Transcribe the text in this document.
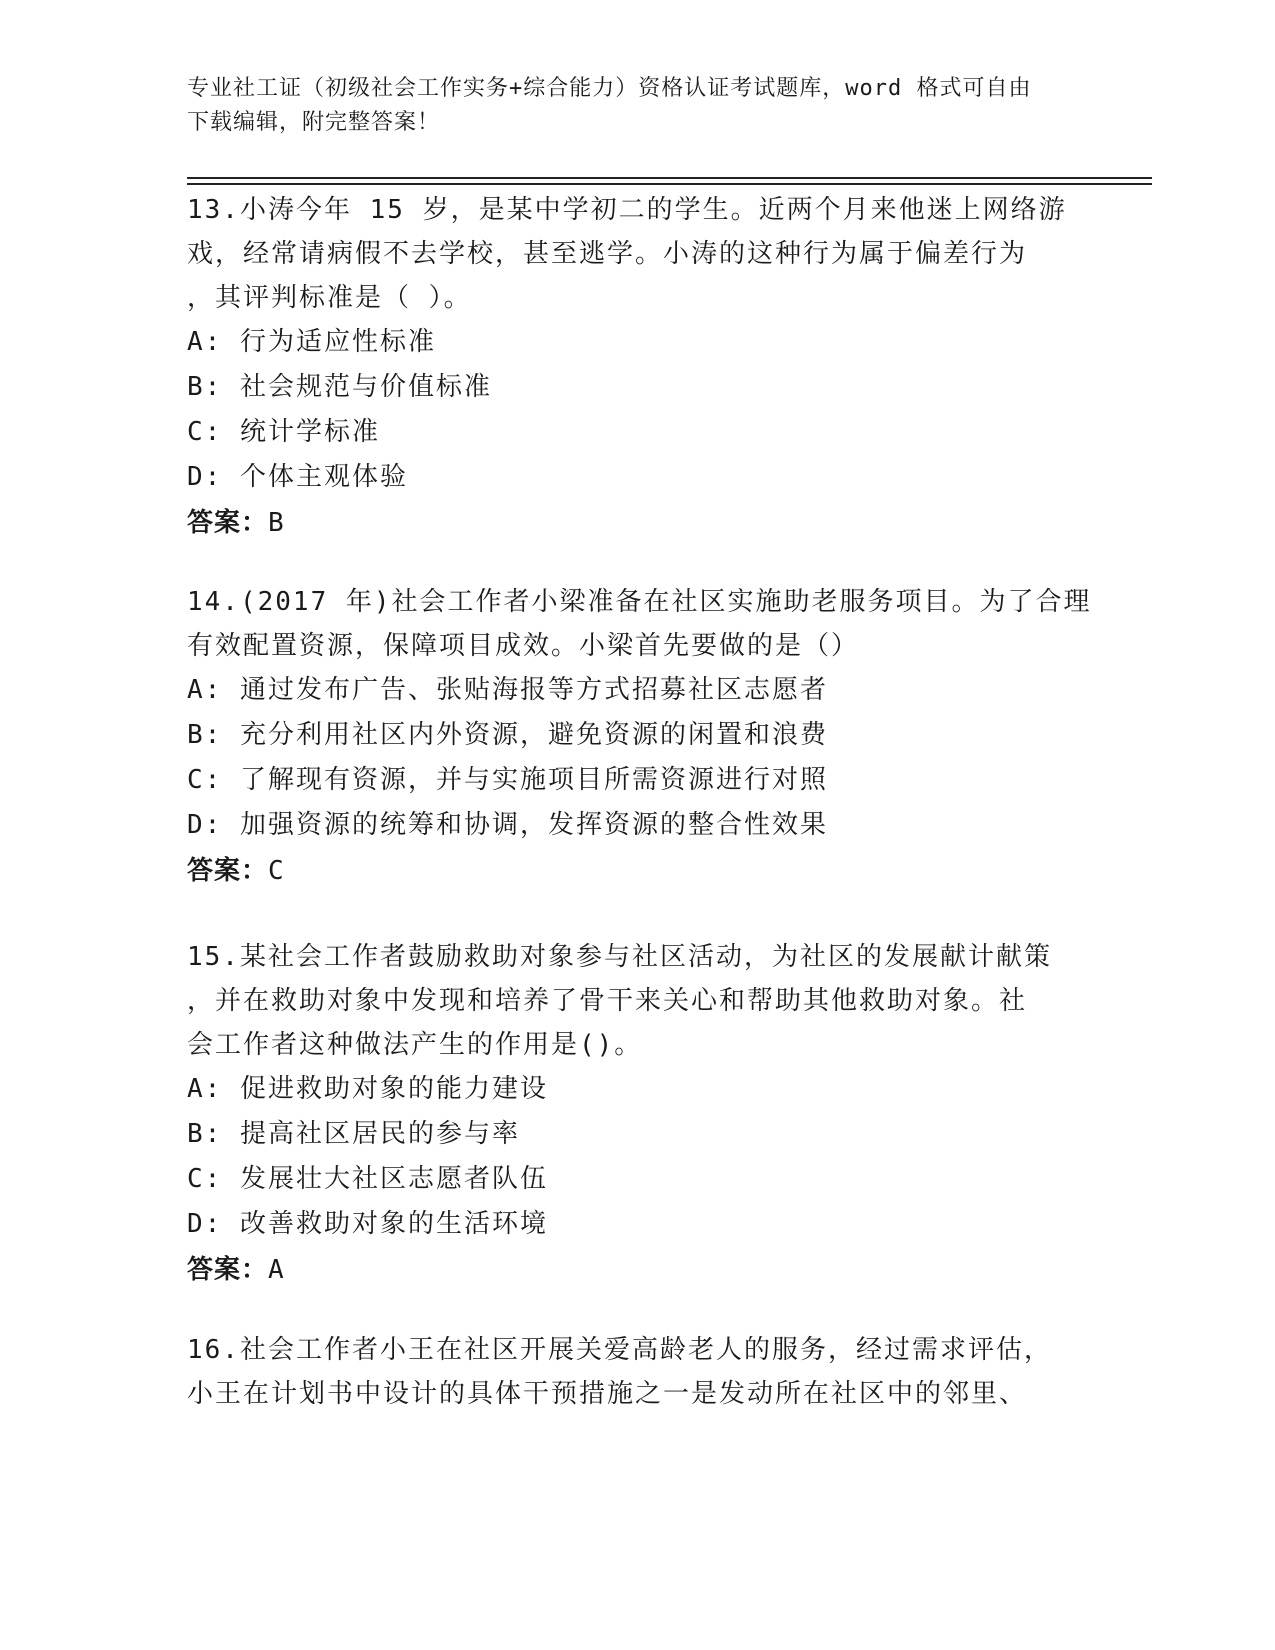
专业社工证（初级社会工作实务+综合能力）资格认证考试题库，word 格式可自由
下载编辑，附完整答案！
13.小涛今年 15 岁，是某中学初二的学生。近两个月来他迷上网络游
戏，经常请病假不去学校，甚至逃学。小涛的这种行为属于偏差行为
，其评判标准是（ ）。
A: 行为适应性标准
B: 社会规范与价值标准
C: 统计学标准
D: 个体主观体验
答案：B
14.(2017 年)社会工作者小梁准备在社区实施助老服务项目。为了合理
有效配置资源，保障项目成效。小梁首先要做的是（）
A: 通过发布广告、张贴海报等方式招募社区志愿者
B: 充分利用社区内外资源，避免资源的闲置和浪费
C: 了解现有资源，并与实施项目所需资源进行对照
D: 加强资源的统筹和协调，发挥资源的整合性效果
答案：C
15.某社会工作者鼓励救助对象参与社区活动，为社区的发展献计献策
，并在救助对象中发现和培养了骨干来关心和帮助其他救助对象。社
会工作者这种做法产生的作用是()。
A: 促进救助对象的能力建设
B: 提高社区居民的参与率
C: 发展壮大社区志愿者队伍
D: 改善救助对象的生活环境
答案：A
16.社会工作者小王在社区开展关爱高龄老人的服务，经过需求评估，
小王在计划书中设计的具体干预措施之一是发动所在社区中的邻里、
